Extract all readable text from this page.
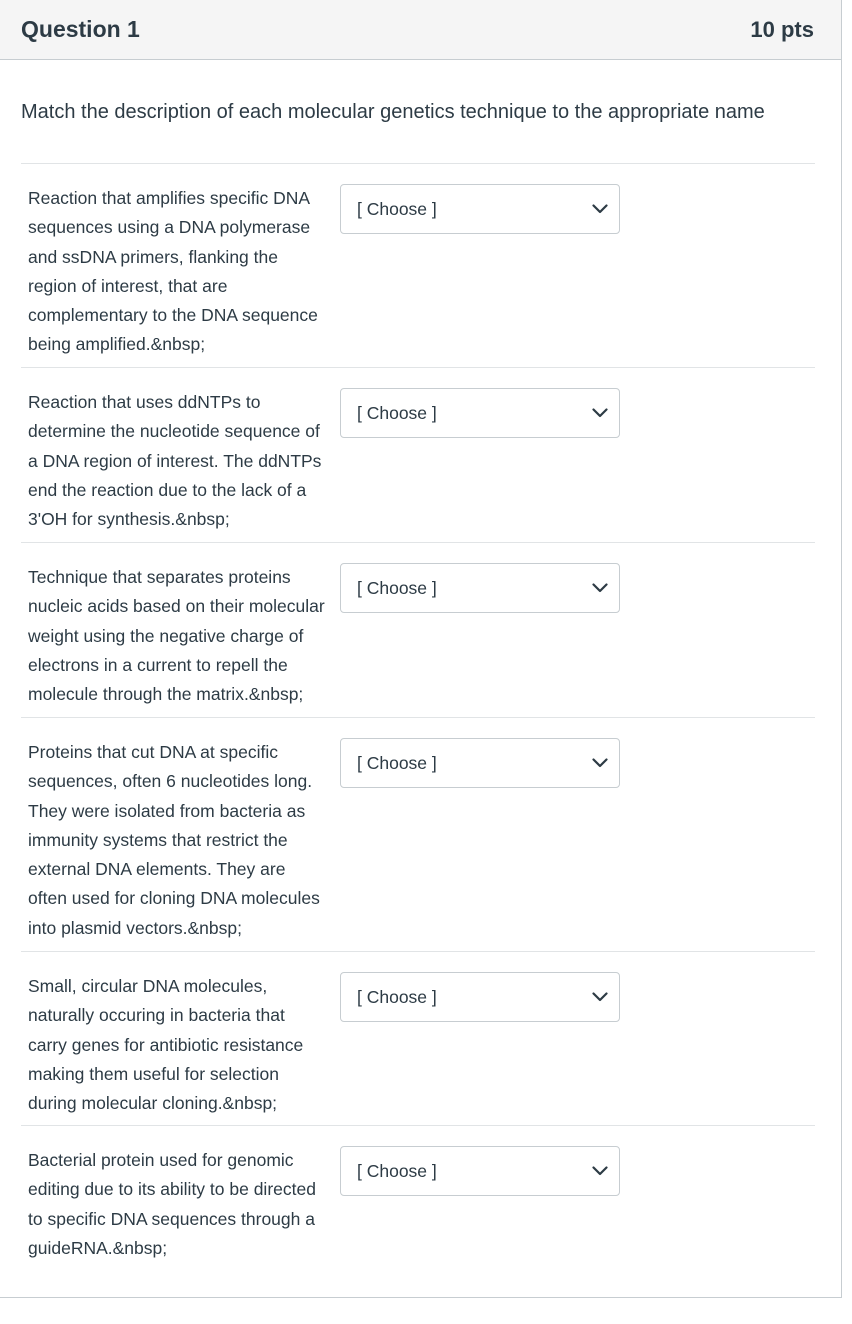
Question 1	10 pts
Match the description of each molecular genetics technique to the appropriate name
Reaction that amplifies specific DNA
sequences using a DNA polymerase
and ssDNA primers, flanking the
region of interest, that are
complementary to the DNA sequence
being amplified.&nbsp;
[ Choose ]
Reaction that uses ddNTPs to
determine the nucleotide sequence of
a DNA region of interest. The ddNTPs
end the reaction due to the lack of a
3'OH for synthesis.&nbsp;
[ Choose ]
Technique that separates proteins
nucleic acids based on their molecular
weight using the negative charge of
electrons in a current to repell the
molecule through the matrix.&nbsp;
[ Choose ]
Proteins that cut DNA at specific
sequences, often 6 nucleotides long.
They were isolated from bacteria as
immunity systems that restrict the
external DNA elements. They are
often used for cloning DNA molecules
into plasmid vectors.&nbsp;
[ Choose ]
Small, circular DNA molecules,
naturally occuring in bacteria that
carry genes for antibiotic resistance
making them useful for selection
during molecular cloning.&nbsp;
[ Choose ]
Bacterial protein used for genomic
editing due to its ability to be directed
to specific DNA sequences through a
guideRNA.&nbsp;
[ Choose ]
